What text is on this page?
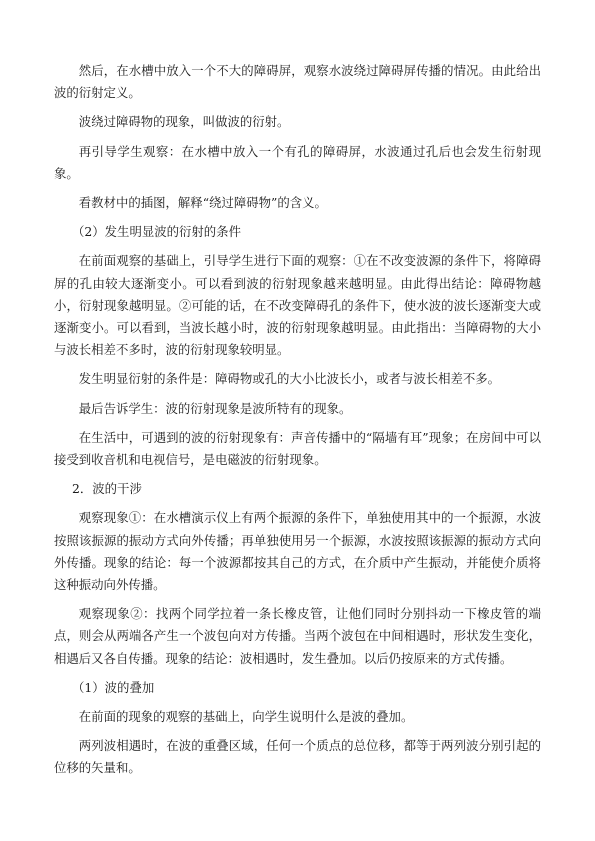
然后，在水槽中放入一个不大的障碍屏，观察水波绕过障碍屏传播的情况。由此给出波的衍射定义。

波绕过障碍物的现象，叫做波的衍射。

再引导学生观察：在水槽中放入一个有孔的障碍屏，水波通过孔后也会发生衍射现象。

看教材中的插图，解释“绕过障碍物”的含义。

（2）发生明显波的衍射的条件

在前面观察的基础上，引导学生进行下面的观察：①在不改变波源的条件下，将障碍屏的孔由较大逐渐变小。可以看到波的衍射现象越来越明显。由此得出结论：障碍物越小，衍射现象越明显。②可能的话，在不改变障碍孔的条件下，使水波的波长逐渐变大或逐渐变小。可以看到，当波长越小时，波的衍射现象越明显。由此指出：当障碍物的大小与波长相差不多时，波的衍射现象较明显。

发生明显衍射的条件是：障碍物或孔的大小比波长小，或者与波长相差不多。

最后告诉学生：波的衍射现象是波所特有的现象。

在生活中，可遇到的波的衍射现象有：声音传播中的“隔墙有耳”现象；在房间中可以接受到收音机和电视信号，是电磁波的衍射现象。

2．波的干涉

观察现象①：在水槽演示仪上有两个振源的条件下，单独使用其中的一个振源，水波按照该振源的振动方式向外传播；再单独使用另一个振源，水波按照该振源的振动方式向外传播。现象的结论：每一个波源都按其自己的方式，在介质中产生振动，并能使介质将这种振动向外传播。

观察现象②：找两个同学拉着一条长橡皮管，让他们同时分别抖动一下橡皮管的端点，则会从两端各产生一个波包向对方传播。当两个波包在中间相遇时，形状发生变化，相遇后又各自传播。现象的结论：波相遇时，发生叠加。以后仍按原来的方式传播。

（1）波的叠加

在前面的现象的观察的基础上，向学生说明什么是波的叠加。

两列波相遇时，在波的重叠区域，任何一个质点的总位移，都等于两列波分别引起的位移的矢量和。
